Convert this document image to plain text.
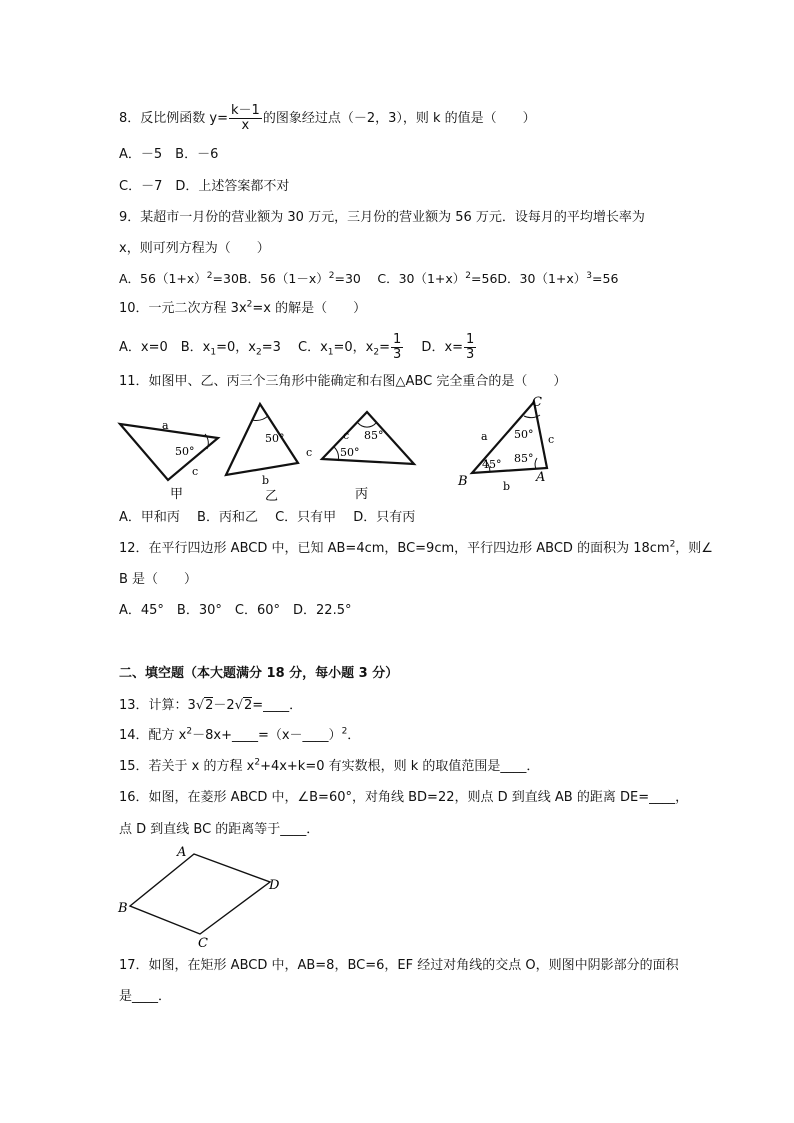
8．反比例函数 $y= \frac{k-1}{x}$ 的图象经过点（－2，3），则 k 的值是（　　）
A．－5　B．－6
C．－7　D．上述答案都不对
9．某超市一月份的营业额为 30 万元，三月份的营业额为 56 万元．设每月的平均增长率为
x，则可列方程为（　　）
A．$56(1+x)^2=30B$．$56(1-x)^2=30$　 C．$30(1+x)^2=56D$．$30(1+x)^3=56$
10．一元二次方程 $3x^2=x$ 的解是（　　）
A．x=0　B．$x_1=0$，$x_2=3$　 C．$x_1=0$，$x_2= \frac{1}{3}$ 　 D．$x= \frac{1}{3}$
11．如图甲、乙、丙三个三角形中能确定和右图△ABC 完全重合的是（　　）
a
c
50°
甲
50°
c
b
乙
c
50°
85°
丙
C
B	A
a
b
c
50°
45° 85°
A．甲和丙　 B．丙和乙　 C．只有甲　 D．只有丙
12．在平行四边形 ABCD 中，已知 AB=4cm，BC=9cm，平行四边形 ABCD 的面积为 $18cm^2$，则∠
B 是（　　）
A．45°　B．30°　C．60°　D．22.5°
二、填空题（本大题满分 18 分，每小题 3 分）
13．计算：3√2－2√2=____．
14．配方 $x^2-8x+\_\_\_\_=(x-\_\_\_\_)^2$．
15．若关于 x 的方程 $x^2+4x+k=0$ 有实数根，则 k 的取值范围是____．
16．如图，在菱形 ABCD 中，∠B=60°，对角线 BD=22，则点 D 到直线 AB 的距离 DE=____，
点 D 到直线 BC 的距离等于____．
A
B
C
D
17．如图，在矩形 ABCD 中，AB=8，BC=6，EF 经过对角线的交点 O，则图中阴影部分的面积
是____．
